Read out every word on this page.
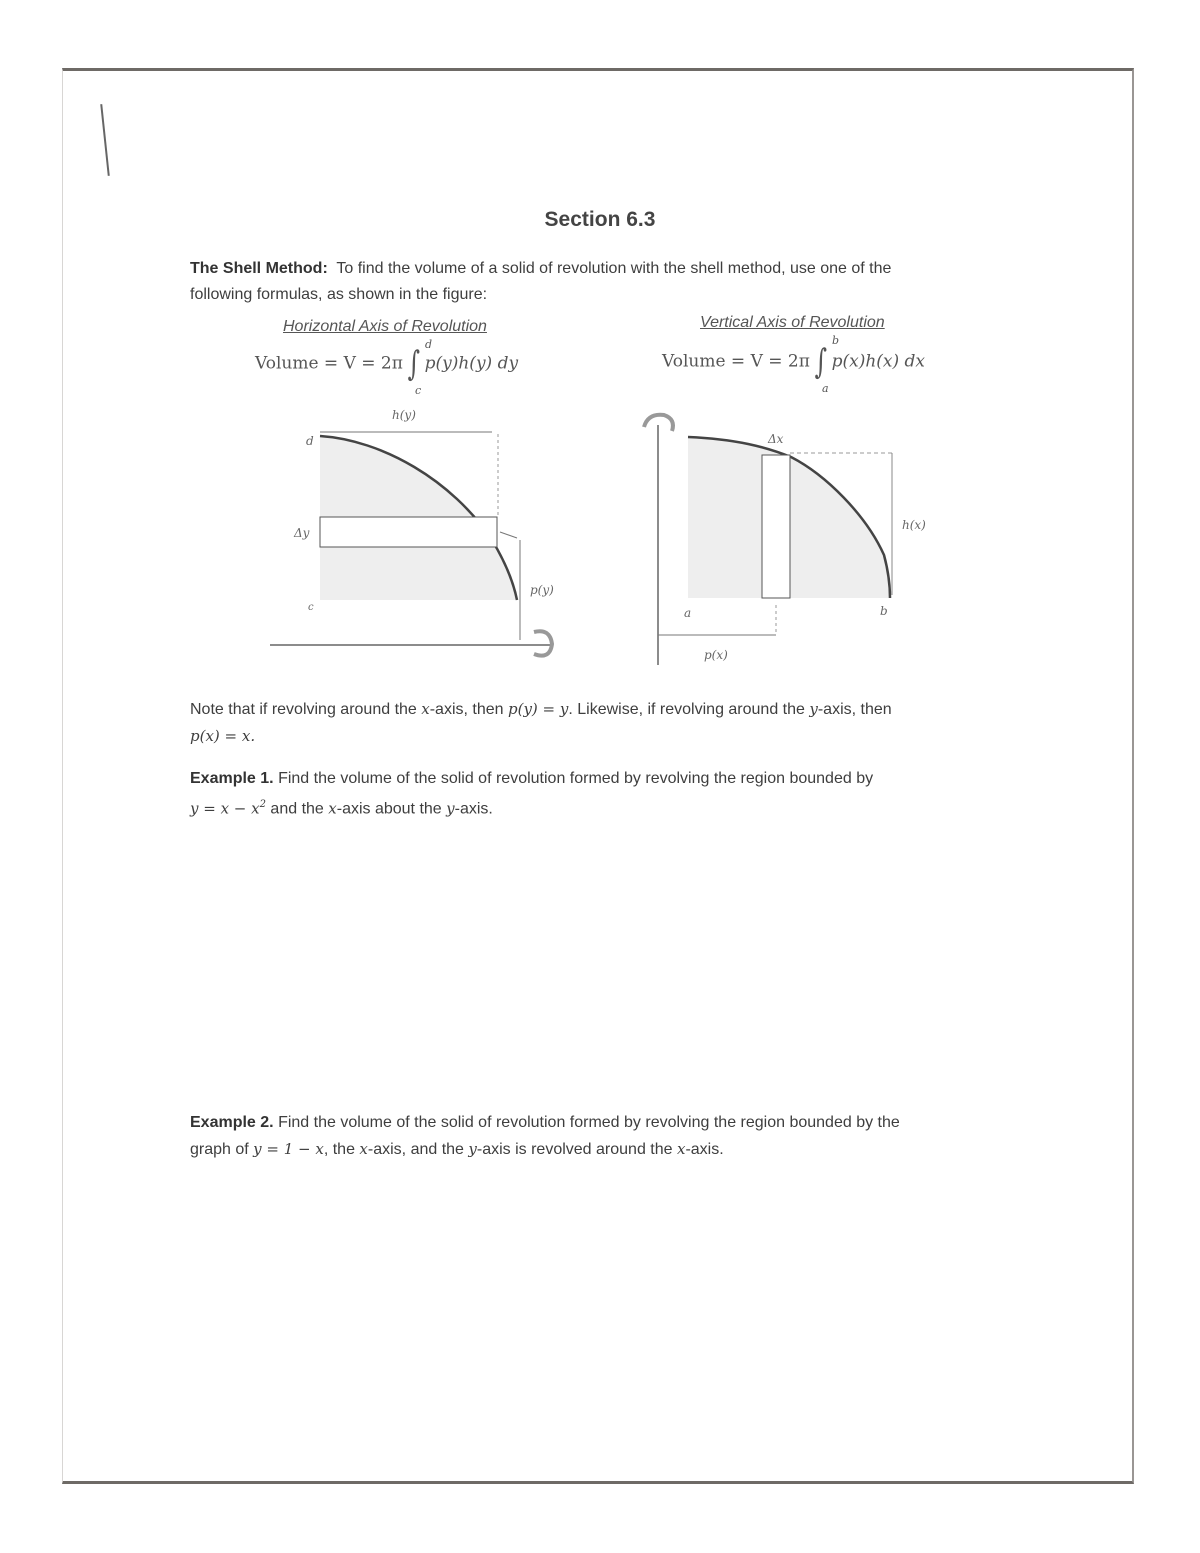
Section 6.3
The Shell Method: To find the volume of a solid of revolution with the shell method, use one of the
following formulas, as shown in the figure:
Horizontal Axis of Revolution
Volume = V = 2π ∫ p(y)h(y) dy
d
c
Vertical Axis of Revolution
Volume = V = 2π ∫ p(x)h(x) dx
b
a
h(y)
d
Δy
c
p(y)
Δx
h(x)
a	b
p(x)
Note that if revolving around the x-axis, then p(y) = y. Likewise, if revolving around the y-axis, then
p(x) = x.
Example 1. Find the volume of the solid of revolution formed by revolving the region bounded by
$y = x - x^2$ and the x-axis about the y-axis.
Example 2. Find the volume of the solid of revolution formed by revolving the region bounded by the
graph of y = 1 − x, the x-axis, and the y-axis is revolved around the x-axis.
